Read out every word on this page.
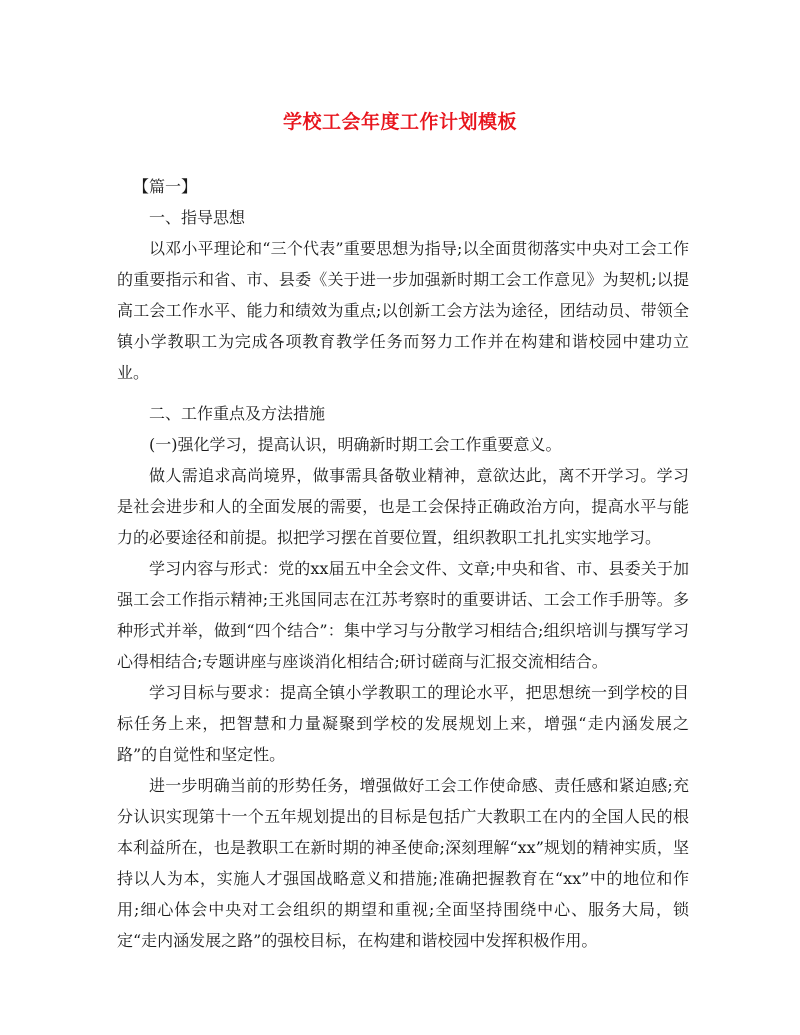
学校工会年度工作计划模板

【篇一】

一、指导思想

以邓小平理论和“三个代表”重要思想为指导;以全面贯彻落实中央对工会工作的重要指示和省、市、县委《关于进一步加强新时期工会工作意见》为契机;以提高工会工作水平、能力和绩效为重点;以创新工会方法为途径，团结动员、带领全镇小学教职工为完成各项教育教学任务而努力工作并在构建和谐校园中建功立业。

二、工作重点及方法措施

(一)强化学习，提高认识，明确新时期工会工作重要意义。

做人需追求高尚境界，做事需具备敬业精神，意欲达此，离不开学习。学习是社会进步和人的全面发展的需要，也是工会保持正确政治方向，提高水平与能力的必要途径和前提。拟把学习摆在首要位置，组织教职工扎扎实实地学习。

学习内容与形式：党的xx届五中全会文件、文章;中央和省、市、县委关于加强工会工作指示精神;王兆国同志在江苏考察时的重要讲话、工会工作手册等。多种形式并举，做到“四个结合”：集中学习与分散学习相结合;组织培训与撰写学习心得相结合;专题讲座与座谈消化相结合;研讨磋商与汇报交流相结合。

学习目标与要求：提高全镇小学教职工的理论水平，把思想统一到学校的目标任务上来，把智慧和力量凝聚到学校的发展规划上来，增强“走内涵发展之路”的自觉性和坚定性。

进一步明确当前的形势任务，增强做好工会工作使命感、责任感和紧迫感;充分认识实现第十一个五年规划提出的目标是包括广大教职工在内的全国人民的根本利益所在，也是教职工在新时期的神圣使命;深刻理解“xx”规划的精神实质，坚持以人为本，实施人才强国战略意义和措施;准确把握教育在“xx”中的地位和作用;细心体会中央对工会组织的期望和重视;全面坚持围绕中心、服务大局，锁定“走内涵发展之路”的强校目标，在构建和谐校园中发挥积极作用。
